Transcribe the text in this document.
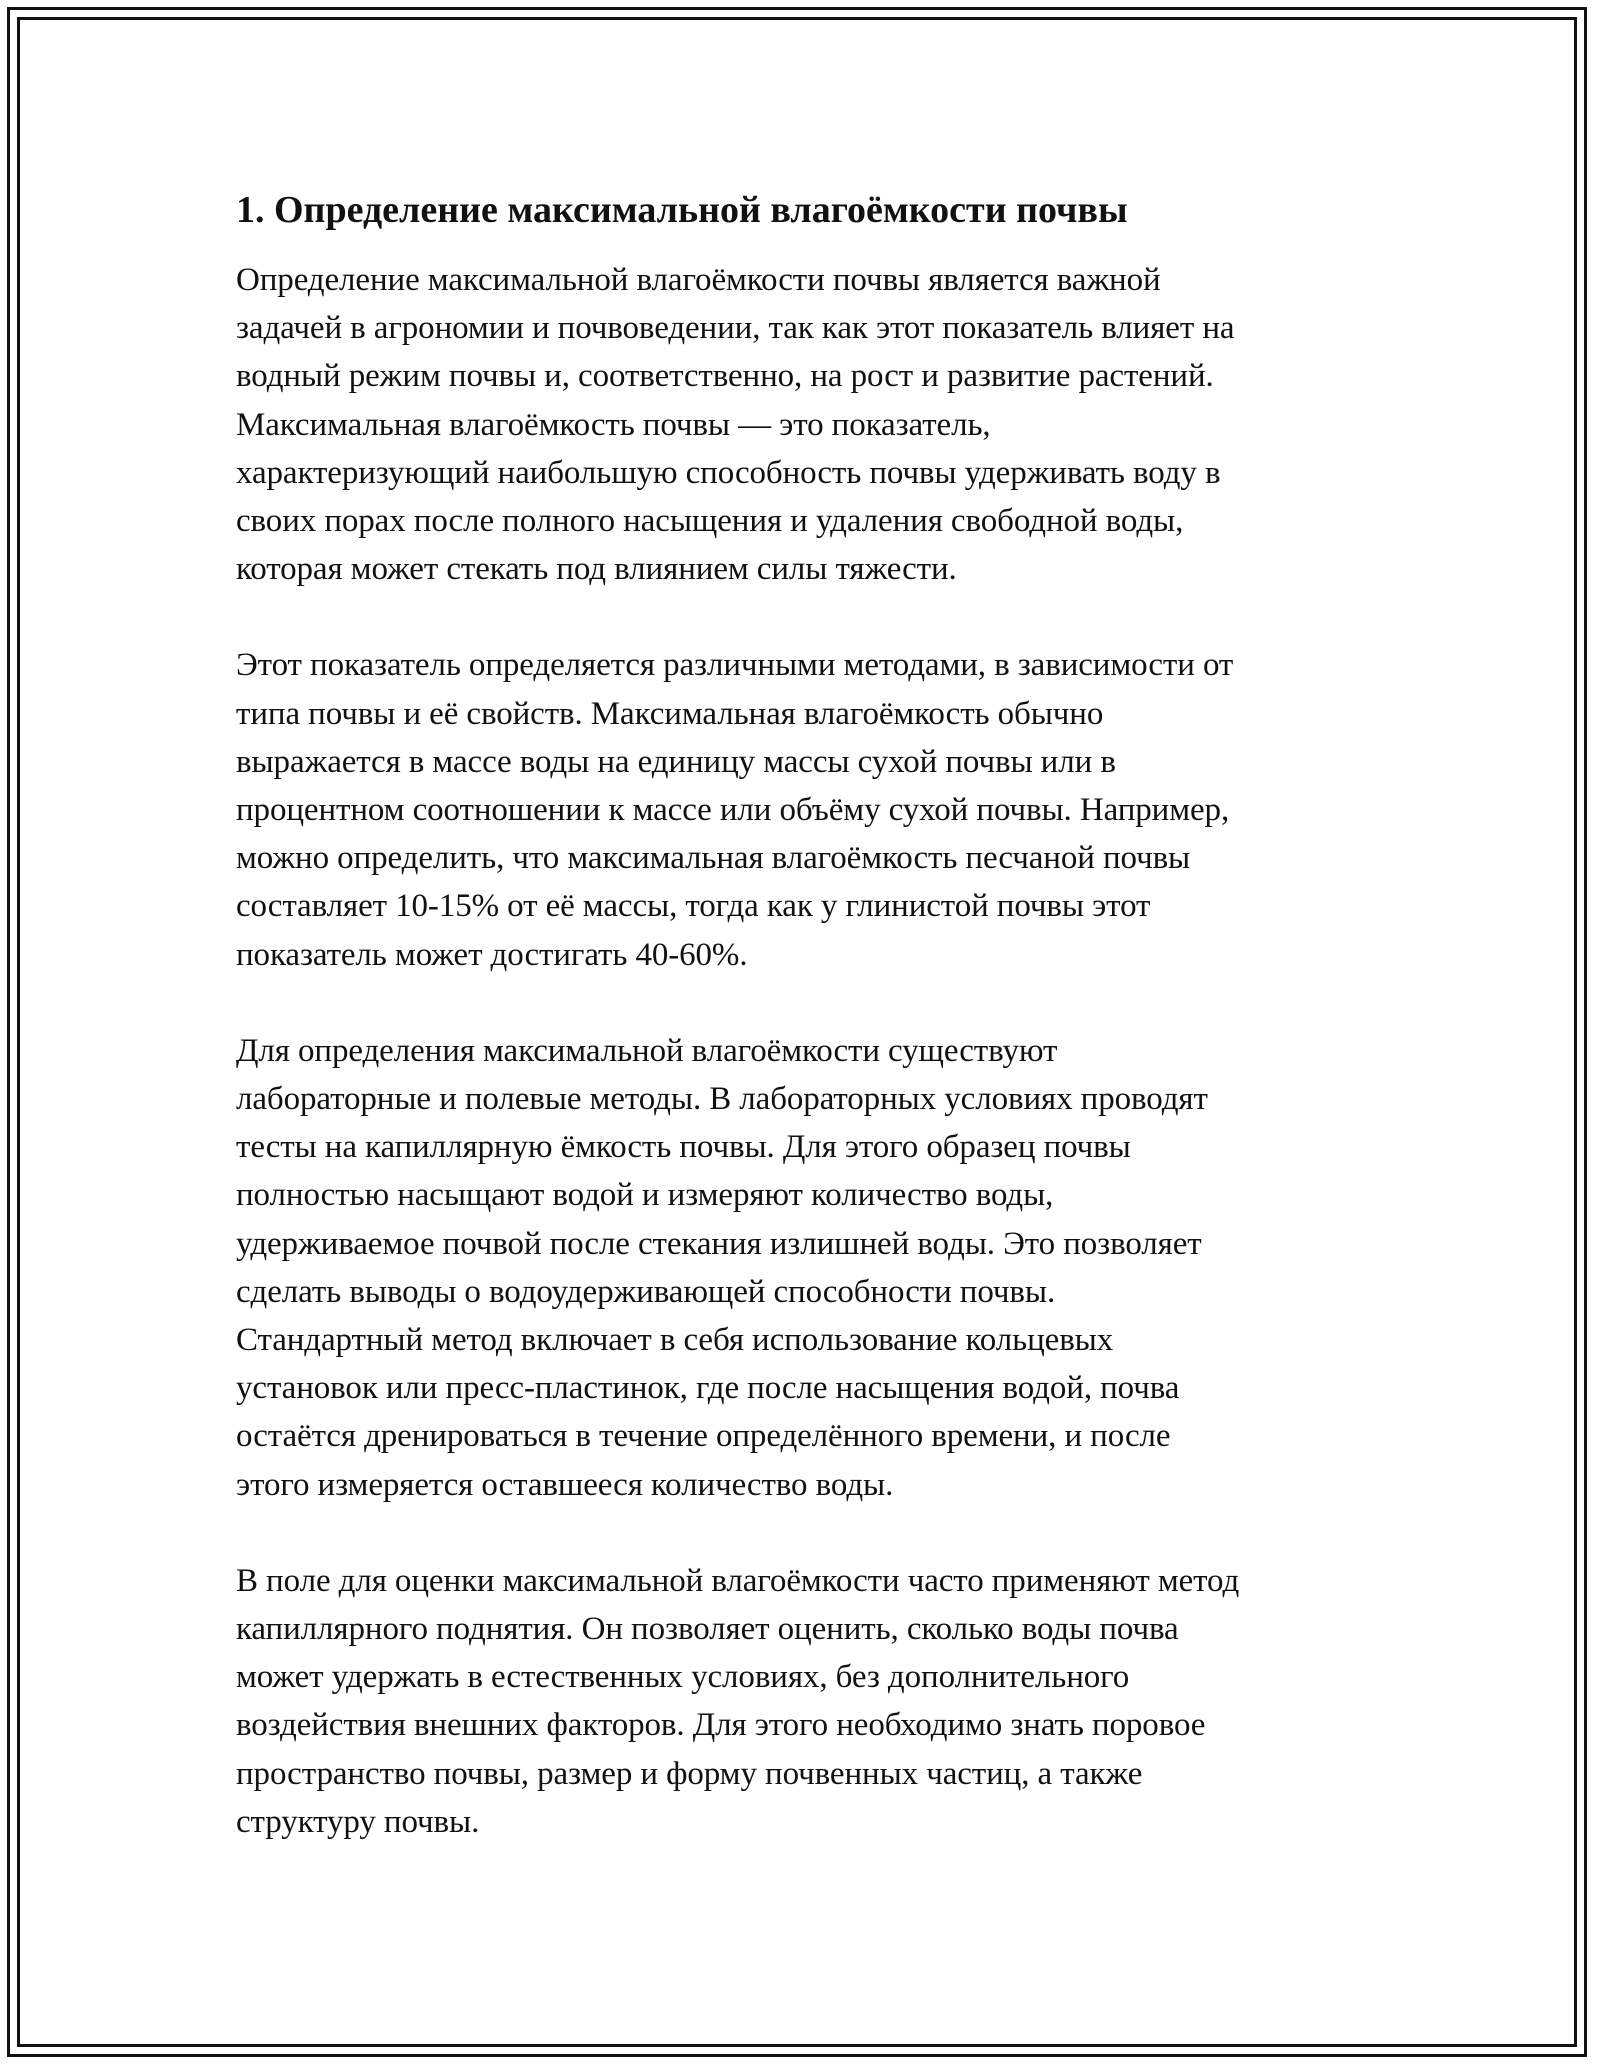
1. Определение максимальной влагоёмкости почвы
Определение максимальной влагоёмкости почвы является важной
задачей в агрономии и почвоведении, так как этот показатель влияет на
водный режим почвы и, соответственно, на рост и развитие растений.
Максимальная влагоёмкость почвы — это показатель,
характеризующий наибольшую способность почвы удерживать воду в
своих порах после полного насыщения и удаления свободной воды,
которая может стекать под влиянием силы тяжести.
Этот показатель определяется различными методами, в зависимости от
типа почвы и её свойств. Максимальная влагоёмкость обычно
выражается в массе воды на единицу массы сухой почвы или в
процентном соотношении к массе или объёму сухой почвы. Например,
можно определить, что максимальная влагоёмкость песчаной почвы
составляет 10-15% от её массы, тогда как у глинистой почвы этот
показатель может достигать 40-60%.
Для определения максимальной влагоёмкости существуют
лабораторные и полевые методы. В лабораторных условиях проводят
тесты на капиллярную ёмкость почвы. Для этого образец почвы
полностью насыщают водой и измеряют количество воды,
удерживаемое почвой после стекания излишней воды. Это позволяет
сделать выводы о водоудерживающей способности почвы.
Стандартный метод включает в себя использование кольцевых
установок или пресс-пластинок, где после насыщения водой, почва
остаётся дренироваться в течение определённого времени, и после
этого измеряется оставшееся количество воды.
В поле для оценки максимальной влагоёмкости часто применяют метод
капиллярного поднятия. Он позволяет оценить, сколько воды почва
может удержать в естественных условиях, без дополнительного
воздействия внешних факторов. Для этого необходимо знать поровое
пространство почвы, размер и форму почвенных частиц, а также
структуру почвы.
